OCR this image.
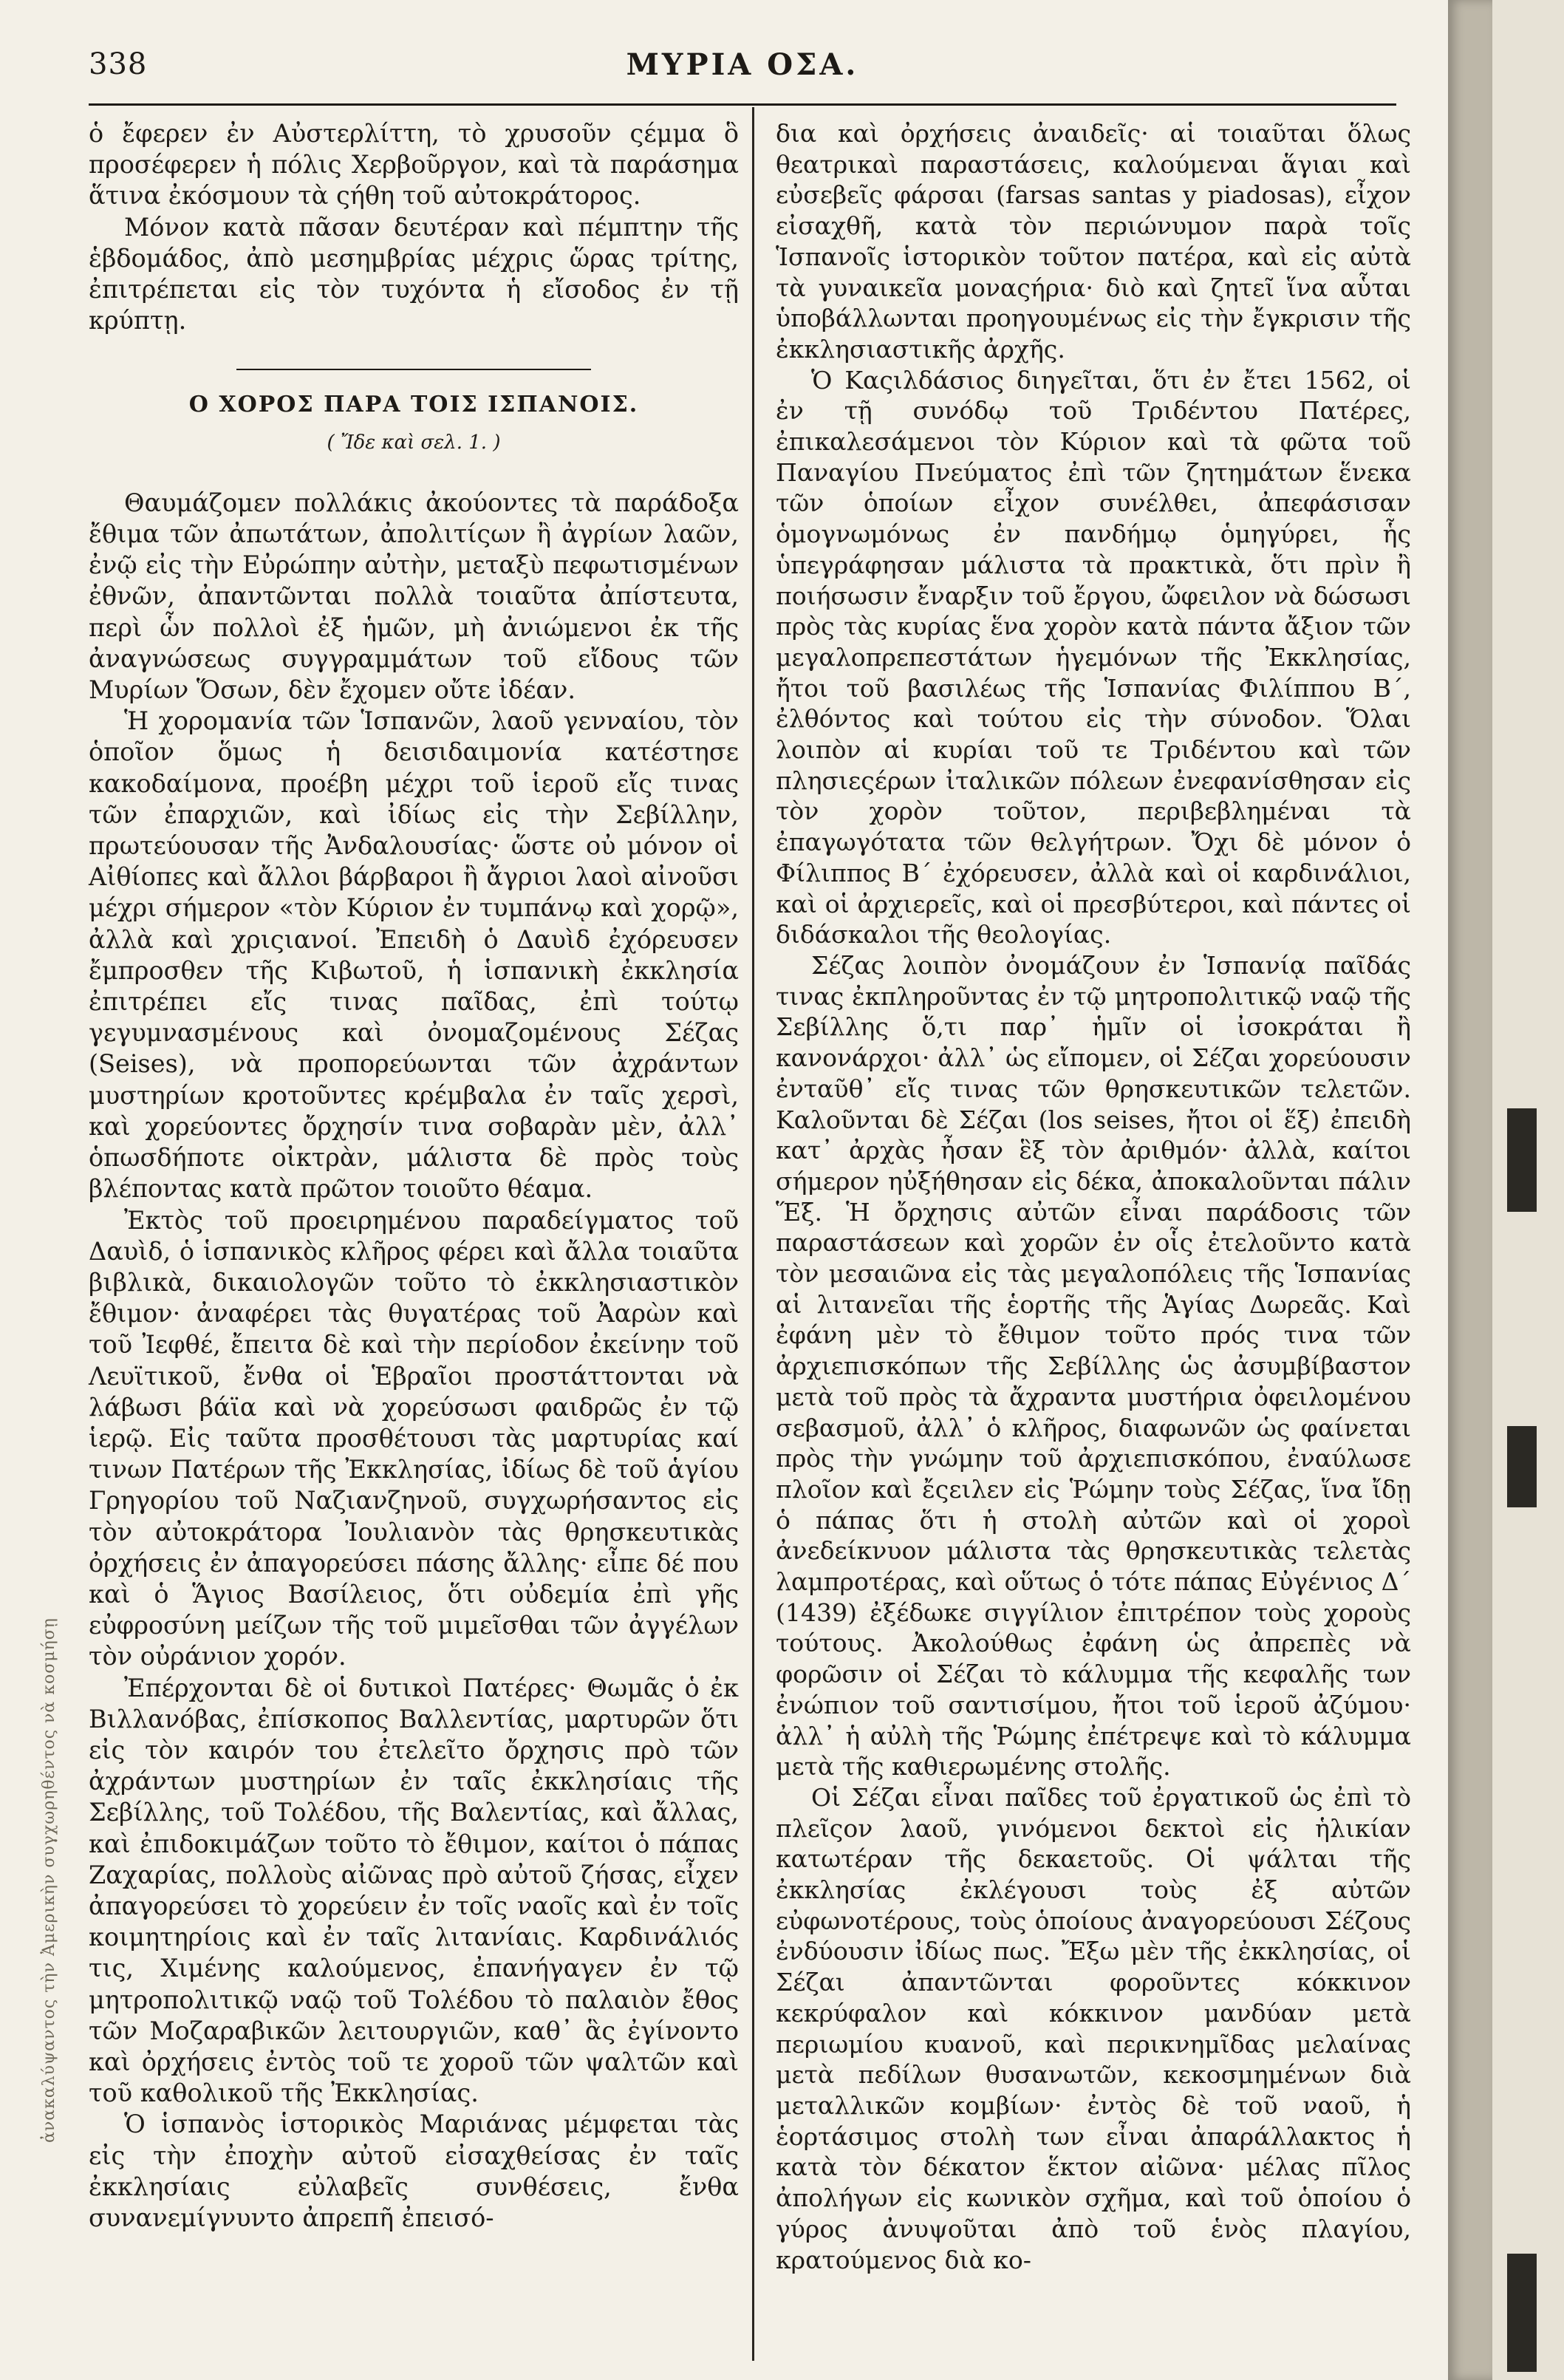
338	ΜΥΡΙΑ ΟΣΑ.
ἀνακαλύψαντος τὴν Ἀμερικὴν συγχωρηθέντος νὰ κοσμήσῃ

ὁ ἔφερεν ἐν Αὐστερλίττη, τὸ χρυσοῦν ςέμμα ὃ προσέφερεν ἡ πόλις Χερβοῦργον, καὶ τὰ παράσημα ἅτινα ἐκόσμουν τὰ ςήθη τοῦ αὐτοκράτορος.

Μόνον κατὰ πᾶσαν δευτέραν καὶ πέμπτην τῆς ἑβδομάδος, ἀπὸ μεσημβρίας μέχρις ὥρας τρίτης, ἐπιτρέπεται εἰς τὸν τυχόντα ἡ εἴσοδος ἐν τῇ κρύπτῃ.

Ο ΧΟΡΟΣ ΠΑΡΑ ΤΟΙΣ ΙΣΠΑΝΟΙΣ.
( Ἴδε καὶ σελ. 1. )

Θαυμάζομεν πολλάκις ἀκούοντες τὰ παράδοξα ἔθιμα τῶν ἀπωτάτων, ἀπολιτίςων ἢ ἀγρίων λαῶν, ἐνῷ εἰς τὴν Εὐρώπην αὐτὴν, μεταξὺ πεφωτισμένων ἐθνῶν, ἀπαντῶνται πολλὰ τοιαῦτα ἀπίστευτα, περὶ ὧν πολλοὶ ἐξ ἡμῶν, μὴ ἀνιώμενοι ἐκ τῆς ἀναγνώσεως συγγραμμάτων τοῦ εἴδους τῶν Μυρίων Ὅσων, δὲν ἔχομεν οὔτε ἰδέαν.

Ἡ χορομανία τῶν Ἱσπανῶν, λαοῦ γενναίου, τὸν ὁποῖον ὅμως ἡ δεισιδαιμονία κατέστησε κακοδαίμονα, προέβη μέχρι τοῦ ἱεροῦ εἴς τινας τῶν ἐπαρχιῶν, καὶ ἰδίως εἰς τὴν Σεβίλλην, πρωτεύουσαν τῆς Ἀνδαλουσίας· ὥστε οὐ μόνον οἱ Αἰθίοπες καὶ ἄλλοι βάρβαροι ἢ ἄγριοι λαοὶ αἰνοῦσι μέχρι σήμερον «τὸν Κύριον ἐν τυμπάνῳ καὶ χορῷ», ἀλλὰ καὶ χριςιανοί. Ἐπειδὴ ὁ Δαυὶδ ἐχόρευσεν ἔμπροσθεν τῆς Κιβωτοῦ, ἡ ἱσπανικὴ ἐκκλησία ἐπιτρέπει εἴς τινας παῖδας, ἐπὶ τούτῳ γεγυμνασμένους καὶ ὀνομαζομένους Σέζας (Seises), νὰ προπορεύωνται τῶν ἀχράντων μυστηρίων κροτοῦντες κρέμβαλα ἐν ταῖς χερσὶ, καὶ χορεύοντες ὄρχησίν τινα σοβαρὰν μὲν, ἀλλ᾽ ὁπωσδήποτε οἰκτρὰν, μάλιστα δὲ πρὸς τοὺς βλέποντας κατὰ πρῶτον τοιοῦτο θέαμα.

Ἐκτὸς τοῦ προειρημένου παραδείγματος τοῦ Δαυὶδ, ὁ ἱσπανικὸς κλῆρος φέρει καὶ ἄλλα τοιαῦτα βιβλικὰ, δικαιολογῶν τοῦτο τὸ ἐκκλησιαστικὸν ἔθιμον· ἀναφέρει τὰς θυγατέρας τοῦ Ἀαρὼν καὶ τοῦ Ἰεφθέ, ἔπειτα δὲ καὶ τὴν περίοδον ἐκείνην τοῦ Λευϊτικοῦ, ἔνθα οἱ Ἑβραῖοι προστάττονται νὰ λάβωσι βάϊα καὶ νὰ χορεύσωσι φαιδρῶς ἐν τῷ ἱερῷ. Εἰς ταῦτα προσθέτουσι τὰς μαρτυρίας καί τινων Πατέρων τῆς Ἐκκλησίας, ἰδίως δὲ τοῦ ἁγίου Γρηγορίου τοῦ Ναζιανζηνοῦ, συγχωρήσαντος εἰς τὸν αὐτοκράτορα Ἰουλιανὸν τὰς θρησκευτικὰς ὀρχήσεις ἐν ἀπαγορεύσει πάσης ἄλλης· εἶπε δέ που καὶ ὁ Ἅγιος Βασίλειος, ὅτι οὐδεμία ἐπὶ γῆς εὐφροσύνη μείζων τῆς τοῦ μιμεῖσθαι τῶν ἀγγέλων τὸν οὐράνιον χορόν.

Ἐπέρχονται δὲ οἱ δυτικοὶ Πατέρες· Θωμᾶς ὁ ἐκ Βιλλανόβας, ἐπίσκοπος Βαλλεντίας, μαρτυρῶν ὅτι εἰς τὸν καιρόν του ἐτελεῖτο ὄρχησις πρὸ τῶν ἀχράντων μυστηρίων ἐν ταῖς ἐκκλησίαις τῆς Σεβίλλης, τοῦ Τολέδου, τῆς Βαλεντίας, καὶ ἄλλας, καὶ ἐπιδοκιμάζων τοῦτο τὸ ἔθιμον, καίτοι ὁ πάπας Ζαχαρίας, πολλοὺς αἰῶνας πρὸ αὐτοῦ ζήσας, εἶχεν ἀπαγορεύσει τὸ χορεύειν ἐν τοῖς ναοῖς καὶ ἐν τοῖς κοιμητηρίοις καὶ ἐν ταῖς λιτανίαις. Καρδινάλιός τις, Χιμένης καλούμενος, ἐπανήγαγεν ἐν τῷ μητροπολιτικῷ ναῷ τοῦ Τολέδου τὸ παλαιὸν ἔθος τῶν Μοζαραβικῶν λειτουργιῶν, καθ᾽ ἃς ἐγίνοντο καὶ ὀρχήσεις ἐντὸς τοῦ τε χοροῦ τῶν ψαλτῶν καὶ τοῦ καθολικοῦ τῆς Ἐκκλησίας.

Ὁ ἱσπανὸς ἱστορικὸς Μαριάνας μέμφεται τὰς εἰς τὴν ἐποχὴν αὐτοῦ εἰσαχθείσας ἐν ταῖς ἐκκλησίαις εὐλαβεῖς συνθέσεις, ἔνθα συνανεμίγνυντο ἀπρεπῆ ἐπεισό-

δια καὶ ὀρχήσεις ἀναιδεῖς· αἱ τοιαῦται ὅλως θεατρικαὶ παραστάσεις, καλούμεναι ἅγιαι καὶ εὐσεβεῖς φάρσαι (farsas santas y piadosas), εἶχον εἰσαχθῆ, κατὰ τὸν περιώνυμον παρὰ τοῖς Ἱσπανοῖς ἱστορικὸν τοῦτον πατέρα, καὶ εἰς αὐτὰ τὰ γυναικεῖα μοναςήρια· διὸ καὶ ζητεῖ ἵνα αὗται ὑποβάλλωνται προηγουμένως εἰς τὴν ἔγκρισιν τῆς ἐκκλησιαστικῆς ἀρχῆς.

Ὁ Καςιλδάσιος διηγεῖται, ὅτι ἐν ἔτει 1562, οἱ ἐν τῇ συνόδῳ τοῦ Τριδέντου Πατέρες, ἐπικαλεσάμενοι τὸν Κύριον καὶ τὰ φῶτα τοῦ Παναγίου Πνεύματος ἐπὶ τῶν ζητημάτων ἕνεκα τῶν ὁποίων εἶχον συνέλθει, ἀπεφάσισαν ὁμογνωμόνως ἐν πανδήμῳ ὁμηγύρει, ἧς ὑπεγράφησαν μάλιστα τὰ πρακτικὰ, ὅτι πρὶν ἢ ποιήσωσιν ἔναρξιν τοῦ ἔργου, ὤφειλον νὰ δώσωσι πρὸς τὰς κυρίας ἕνα χορὸν κατὰ πάντα ἄξιον τῶν μεγαλοπρεπεστάτων ἡγεμόνων τῆς Ἐκκλησίας, ἤτοι τοῦ βασιλέως τῆς Ἱσπανίας Φιλίππου Β΄, ἐλθόντος καὶ τούτου εἰς τὴν σύνοδον. Ὅλαι λοιπὸν αἱ κυρίαι τοῦ τε Τριδέντου καὶ τῶν πλησιεςέρων ἰταλικῶν πόλεων ἐνεφανίσθησαν εἰς τὸν χορὸν τοῦτον, περιβεβλημέναι τὰ ἐπαγωγότατα τῶν θελγήτρων. Ὄχι δὲ μόνον ὁ Φίλιππος Β΄ ἐχόρευσεν, ἀλλὰ καὶ οἱ καρδινάλιοι, καὶ οἱ ἀρχιερεῖς, καὶ οἱ πρεσβύτεροι, καὶ πάντες οἱ διδάσκαλοι τῆς θεολογίας.

Σέζας λοιπὸν ὀνομάζουν ἐν Ἱσπανίᾳ παῖδάς τινας ἐκπληροῦντας ἐν τῷ μητροπολιτικῷ ναῷ τῆς Σεβίλλης ὅ,τι παρ᾽ ἡμῖν οἱ ἰσοκράται ἢ κανονάρχοι· ἀλλ᾽ ὡς εἴπομεν, οἱ Σέζαι χορεύουσιν ἐνταῦθ᾽ εἴς τινας τῶν θρησκευτικῶν τελετῶν. Καλοῦνται δὲ Σέζαι (los seises, ἤτοι οἱ ἕξ) ἐπειδὴ κατ᾽ ἀρχὰς ἦσαν ἓξ τὸν ἀριθμόν· ἀλλὰ, καίτοι σήμερον ηὐξήθησαν εἰς δέκα, ἀποκαλοῦνται πάλιν Ἕξ. Ἡ ὄρχησις αὐτῶν εἶναι παράδοσις τῶν παραστάσεων καὶ χορῶν ἐν οἷς ἐτελοῦντο κατὰ τὸν μεσαιῶνα εἰς τὰς μεγαλοπόλεις τῆς Ἱσπανίας αἱ λιτανεῖαι τῆς ἑορτῆς τῆς Ἁγίας Δωρεᾶς. Καὶ ἐφάνη μὲν τὸ ἔθιμον τοῦτο πρός τινα τῶν ἀρχιεπισκόπων τῆς Σεβίλλης ὡς ἀσυμβίβαστον μετὰ τοῦ πρὸς τὰ ἄχραντα μυστήρια ὀφειλομένου σεβασμοῦ, ἀλλ᾽ ὁ κλῆρος, διαφωνῶν ὡς φαίνεται πρὸς τὴν γνώμην τοῦ ἀρχιεπισκόπου, ἐναύλωσε πλοῖον καὶ ἔςειλεν εἰς Ῥώμην τοὺς Σέζας, ἵνα ἴδῃ ὁ πάπας ὅτι ἡ στολὴ αὐτῶν καὶ οἱ χοροὶ ἀνεδείκνυον μάλιστα τὰς θρησκευτικὰς τελετὰς λαμπροτέρας, καὶ οὕτως ὁ τότε πάπας Εὐγένιος Δ΄ (1439) ἐξέδωκε σιγγίλιον ἐπιτρέπον τοὺς χοροὺς τούτους. Ἀκολούθως ἐφάνη ὡς ἀπρεπὲς νὰ φορῶσιν οἱ Σέζαι τὸ κάλυμμα τῆς κεφαλῆς των ἐνώπιον τοῦ σαντισίμου, ἤτοι τοῦ ἱεροῦ ἀζύμου· ἀλλ᾽ ἡ αὐλὴ τῆς Ῥώμης ἐπέτρεψε καὶ τὸ κάλυμμα μετὰ τῆς καθιερωμένης στολῆς.

Οἱ Σέζαι εἶναι παῖδες τοῦ ἐργατικοῦ ὡς ἐπὶ τὸ πλεῖςον λαοῦ, γινόμενοι δεκτοὶ εἰς ἡλικίαν κατωτέραν τῆς δεκαετοῦς. Οἱ ψάλται τῆς ἐκκλησίας ἐκλέγουσι τοὺς ἐξ αὐτῶν εὐφωνοτέρους, τοὺς ὁποίους ἀναγορεύουσι Σέζους ἐνδύουσιν ἰδίως πως. Ἔξω μὲν τῆς ἐκκλησίας, οἱ Σέζαι ἀπαντῶνται φοροῦντες κόκκινον κεκρύφαλον καὶ κόκκινον μανδύαν μετὰ περιωμίου κυανοῦ, καὶ περικνημῖδας μελαίνας μετὰ πεδίλων θυσανωτῶν, κεκοσμημένων διὰ μεταλλικῶν κομβίων· ἐντὸς δὲ τοῦ ναοῦ, ἡ ἑορτάσιμος στολὴ των εἶναι ἀπαράλλακτος ἡ κατὰ τὸν δέκατον ἕκτον αἰῶνα· μέλας πῖλος ἀπολήγων εἰς κωνικὸν σχῆμα, καὶ τοῦ ὁποίου ὁ γύρος ἀνυψοῦται ἀπὸ τοῦ ἑνὸς πλαγίου, κρατούμενος διὰ κο-
